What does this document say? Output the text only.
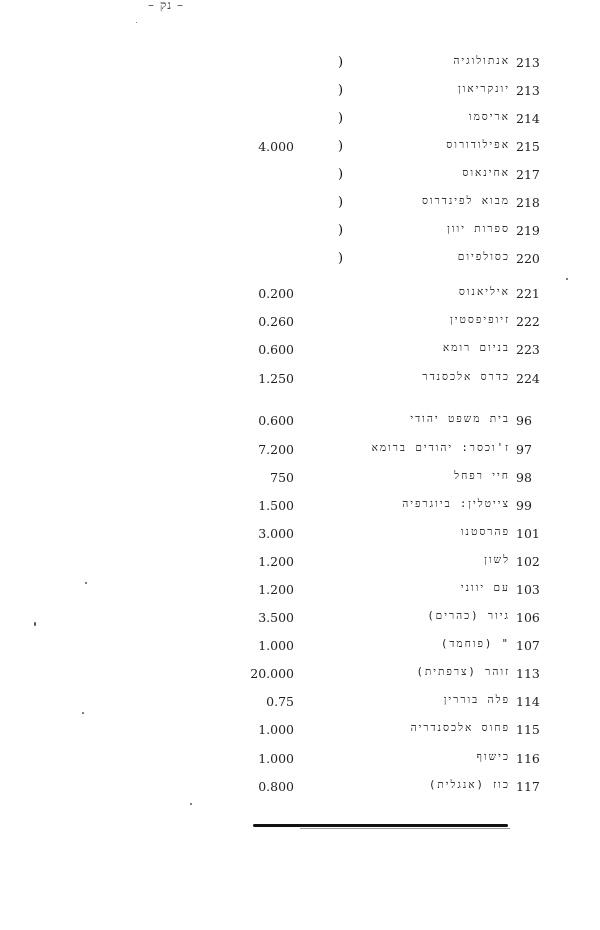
– נק –
213
אנתולוגיה
)
213
יונקריאון
)
214
אריסמו
)
215
אפילודורוס
)
4.000
217
אחינאוס
)
218
מבוא לפינדרוס
)
219
ספרות יוון
)
220
כסולפיום
)
221
איליאנוס
0.200
222
זיופיפסטין
0.260
223
בניום רומא
0.600
224
כדרס אלכסנדר
1.250
96
בית משפט יהודי
0.600
97
ז'וכסר: יהודים ברומא
7.200
98
חיי רפחל
750
99
צייטלין: ביוגרפיה
1.500
101
פהרסטנו
3.000
102
לשון
1.200
103
עם יווני
1.200
106
גיור (כהרים)
3.500
107
" (פוחמד)
1.000
113
זוהר (צרפתית)
20.000
114
פלה בוררין
0.75
115
פחוס אלכסנדריה
1.000
116
כישוף
1.000
117
כוז (אנגלית)
0.800
